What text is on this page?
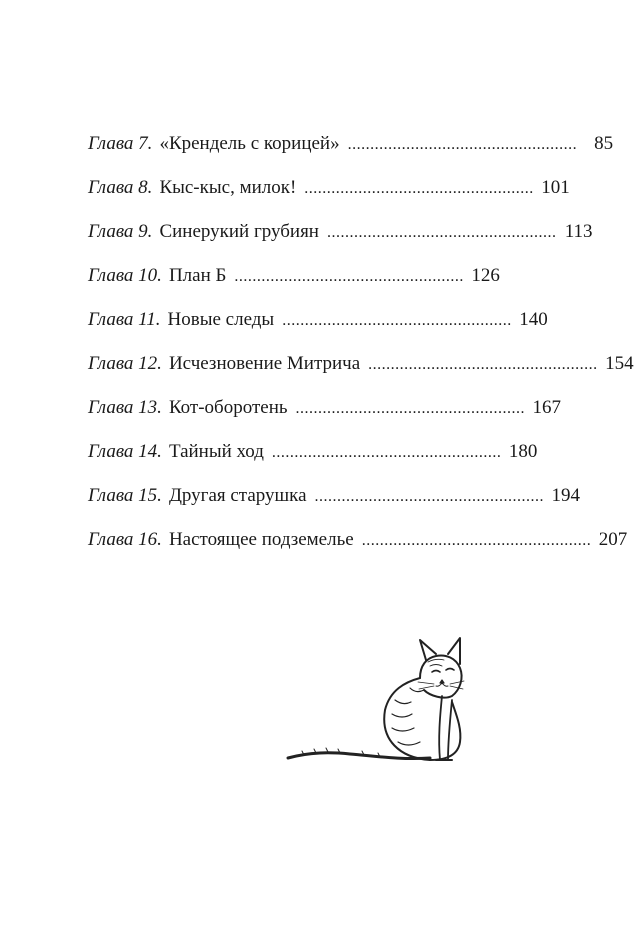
Глава 7. «Крендель с корицей» ................................................... 85
Глава 8. Кыс-кыс, милок! ................................................... 101
Глава 9. Синерукий грубиян ................................................... 113
Глава 10. План Б ................................................... 126
Глава 11. Новые следы ................................................... 140
Глава 12. Исчезновение Митрича ................................................... 154
Глава 13. Кот-оборотень ................................................... 167
Глава 14. Тайный ход ................................................... 180
Глава 15. Другая старушка ................................................... 194
Глава 16. Настоящее подземелье ................................................... 207
